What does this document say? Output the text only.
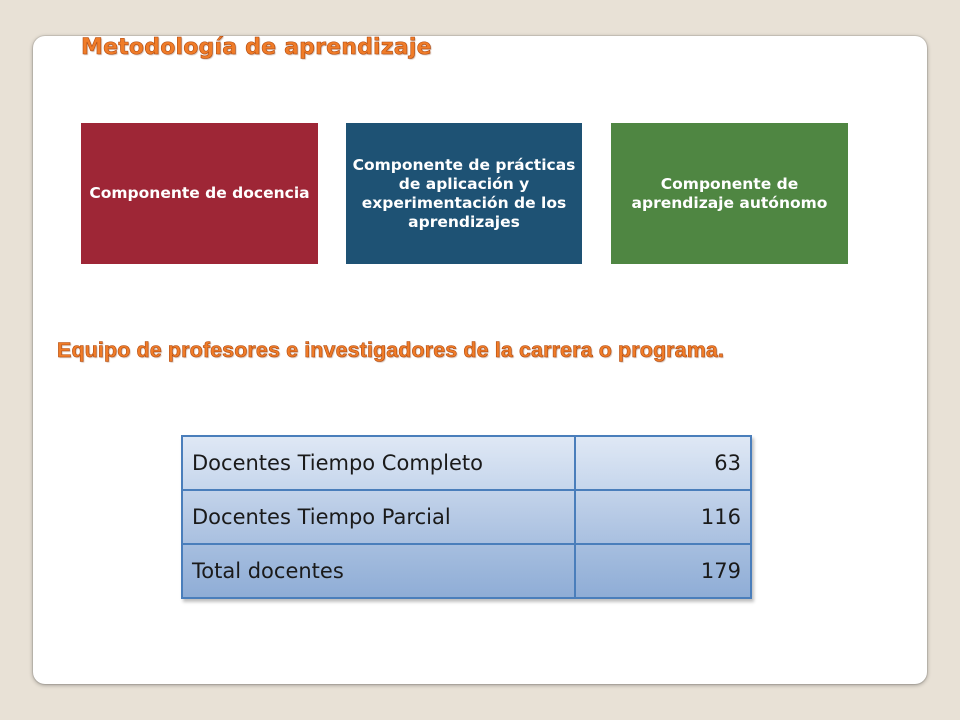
Metodología de aprendizaje
Componente de docencia
Componente de prácticas de aplicación y experimentación de los aprendizajes
Componente de aprendizaje autónomo
Equipo de profesores e investigadores de la carrera o programa.
Docentes Tiempo Completo	63
Docentes Tiempo Parcial	116
Total docentes	179
